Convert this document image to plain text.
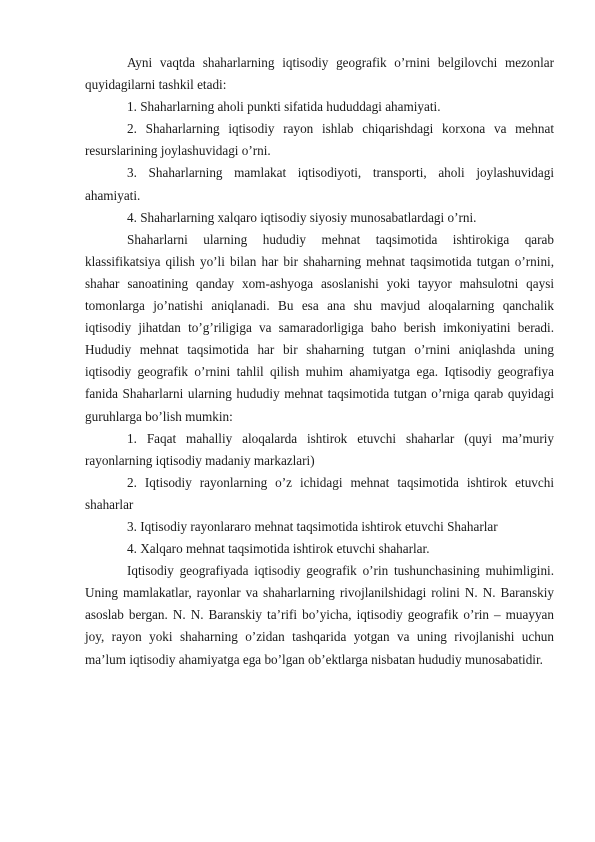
Ayni vaqtda shaharlarning iqtisodiy geografik o’rnini belgilovchi mezonlar quyidagilarni tashkil etadi:

1. Shaharlarning aholi punkti sifatida hududdagi ahamiyati.

2. Shaharlarning iqtisodiy rayon ishlab chiqarishdagi korxona va mehnat resurslarining joylashuvidagi o’rni.

3. Shaharlarning mamlakat iqtisodiyoti, transporti, aholi joylashuvidagi ahamiyati.

4. Shaharlarning xalqaro iqtisodiy siyosiy munosabatlardagi o’rni.

Shaharlarni ularning hududiy mehnat taqsimotida ishtirokiga qarab klassifikatsiya qilish yo’li bilan har bir shaharning mehnat taqsimotida tutgan o’rnini, shahar sanoatining qanday xom-ashyoga asoslanishi yoki tayyor mahsulotni qaysi tomonlarga jo’natishi aniqlanadi. Bu esa ana shu mavjud aloqalarning qanchalik iqtisodiy jihatdan to’g’riligiga va samaradorligiga baho berish imkoniyatini beradi. Hududiy mehnat taqsimotida har bir shaharning tutgan o’rnini aniqlashda uning iqtisodiy geografik o’rnini tahlil qilish muhim ahamiyatga ega. Iqtisodiy geografiya fanida Shaharlarni ularning hududiy mehnat taqsimotida tutgan o’rniga qarab quyidagi guruhlarga bo’lish mumkin:

1. Faqat mahalliy aloqalarda ishtirok etuvchi shaharlar (quyi ma’muriy rayonlarning iqtisodiy madaniy markazlari)

2. Iqtisodiy rayonlarning o’z ichidagi mehnat taqsimotida ishtirok etuvchi shaharlar

3. Iqtisodiy rayonlararo mehnat taqsimotida ishtirok etuvchi Shaharlar

4. Xalqaro mehnat taqsimotida ishtirok etuvchi shaharlar.

Iqtisodiy geografiyada iqtisodiy geografik o’rin tushunchasining muhimligini. Uning mamlakatlar, rayonlar va shaharlarning rivojlanilshidagi rolini N. N. Baranskiy asoslab bergan. N. N. Baranskiy ta’rifi bo’yicha, iqtisodiy geografik o’rin – muayyan joy, rayon yoki shaharning o’zidan tashqarida yotgan va uning rivojlanishi uchun ma’lum iqtisodiy ahamiyatga ega bo’lgan ob’ektlarga nisbatan hududiy munosabatidir.
